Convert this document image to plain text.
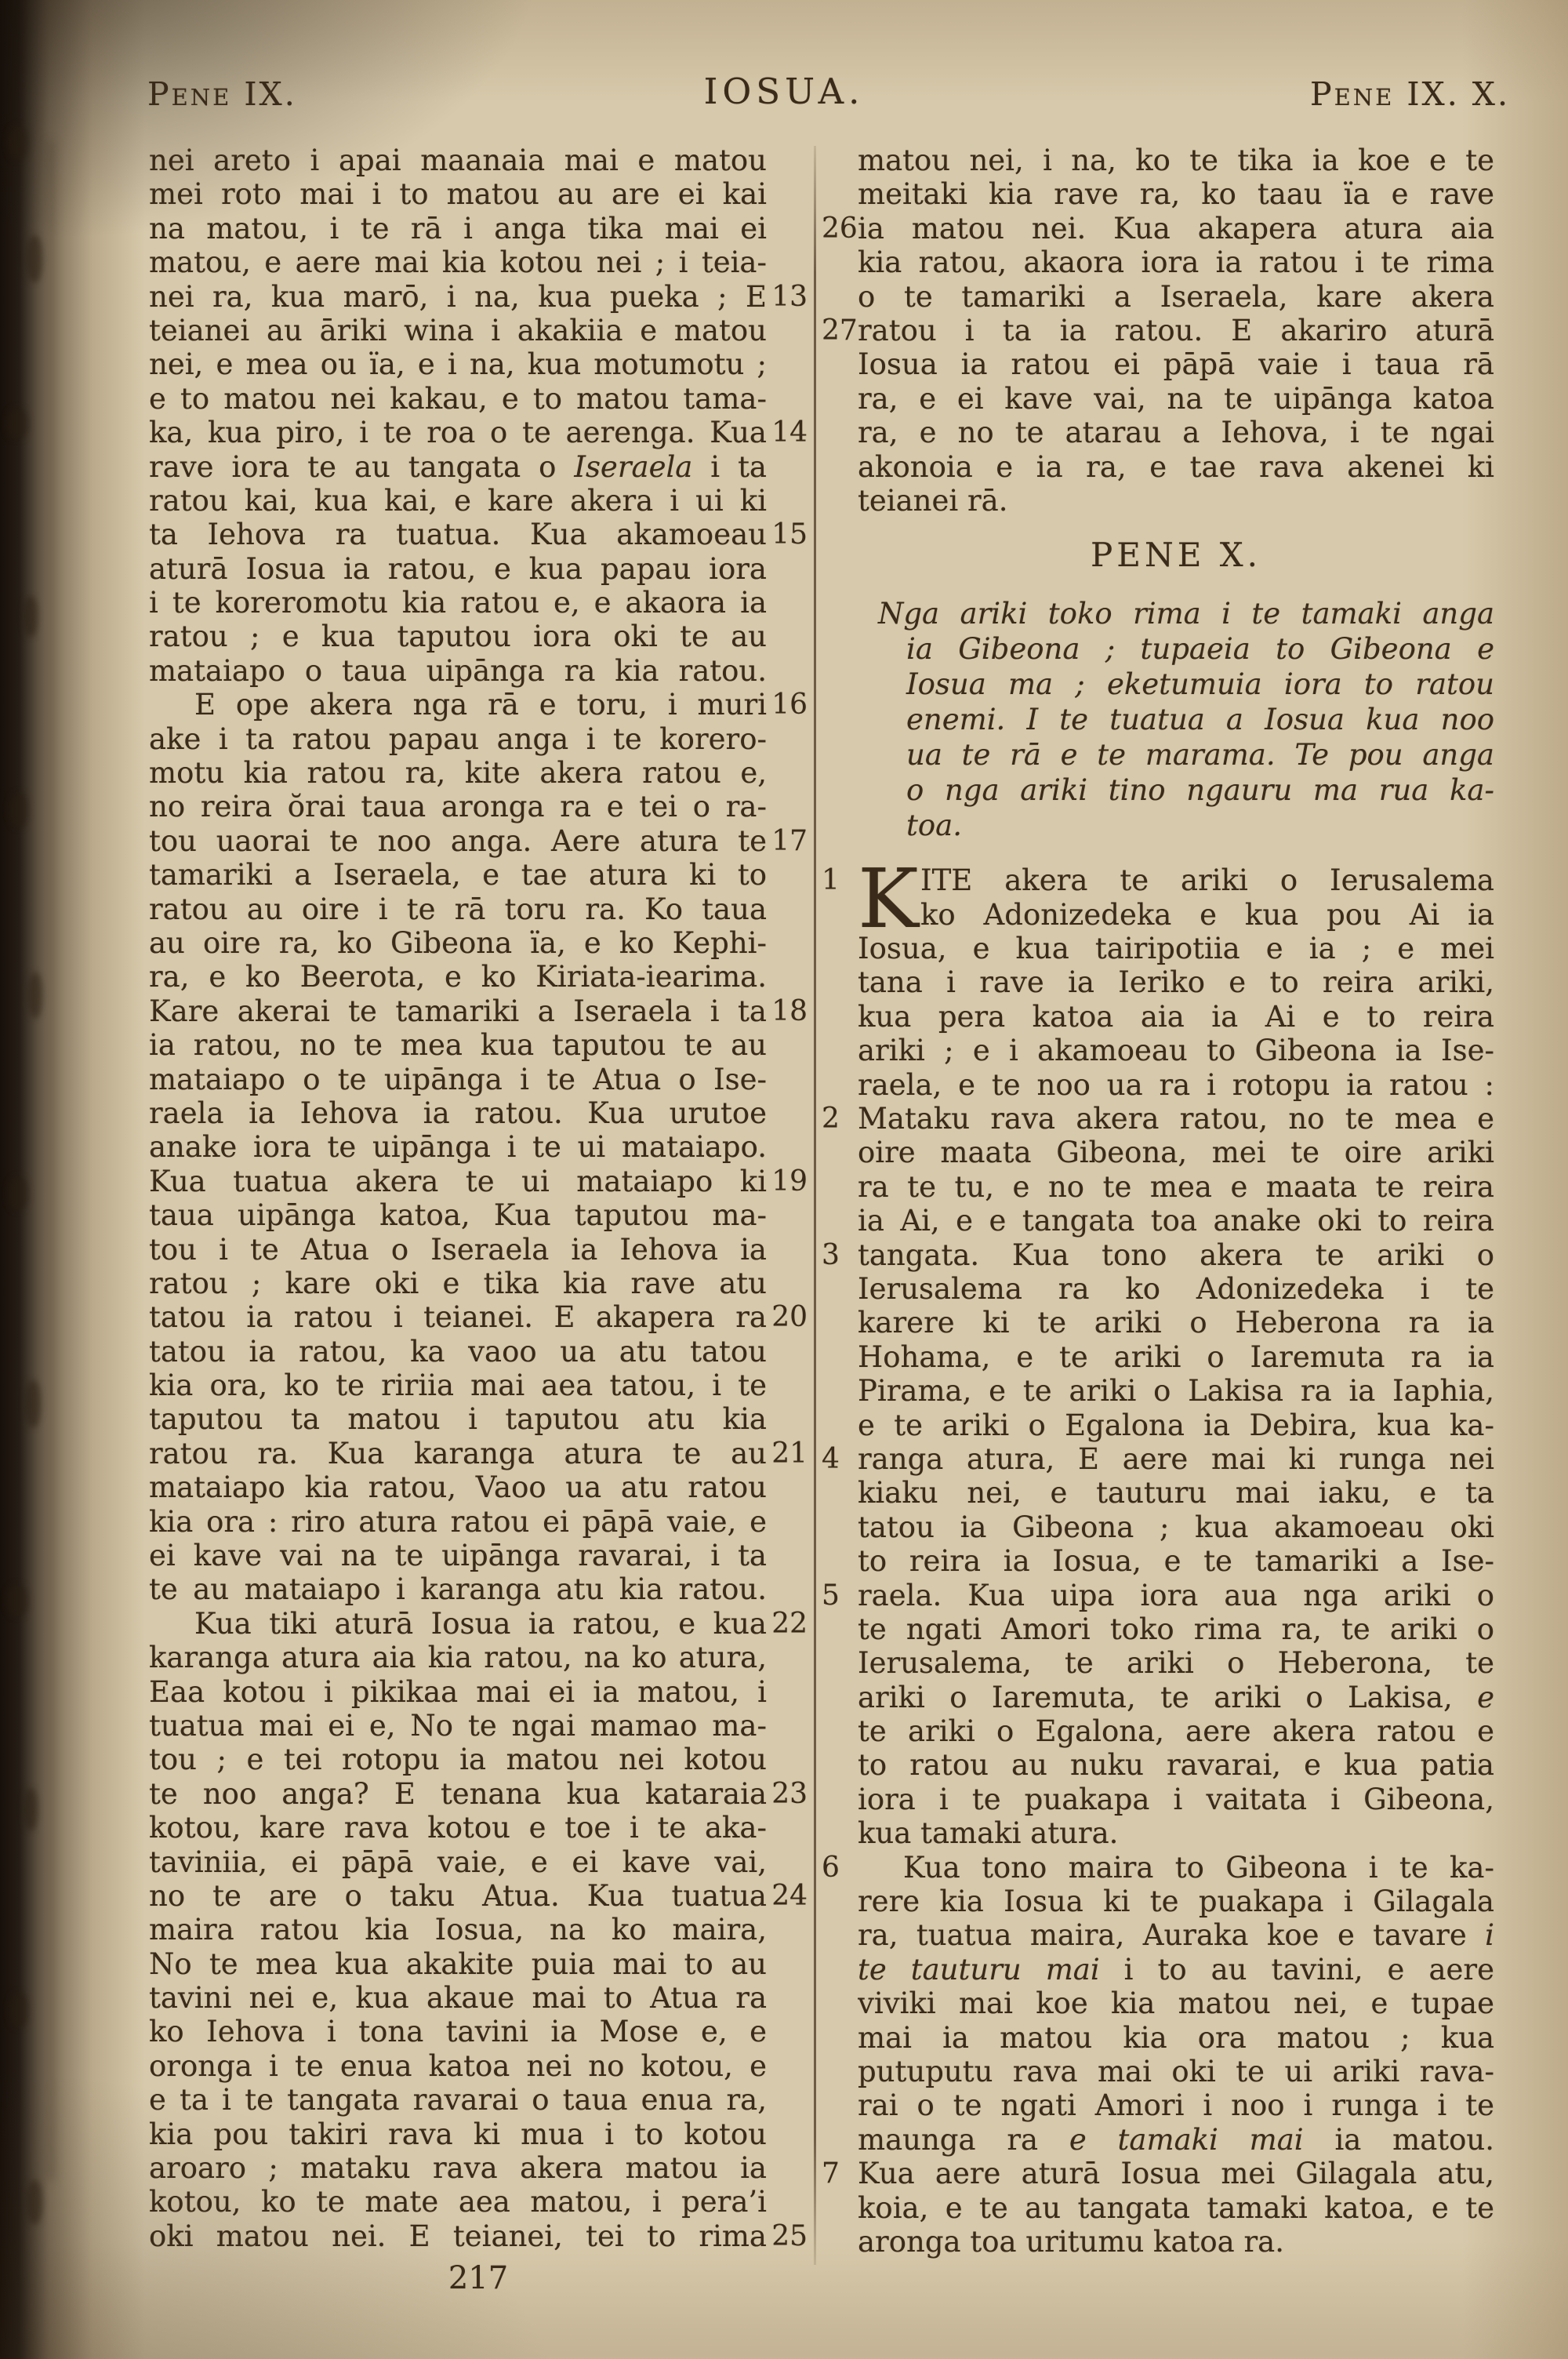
Pene IX.	IOSUA.	Pene IX. X.
nei areto i apai maanaia mai e matou
mei roto mai i to matou au are ei kai
na matou, i te rā i anga tika mai ei
matou, e aere mai kia kotou nei ; i teia-
nei ra, kua marō, i na, kua pueka ; E 13
teianei au āriki wina i akakiia e matou
nei, e mea ou ïa, e i na, kua motumotu ;
e to matou nei kakau, e to matou tama-
ka, kua piro, i te roa o te aerenga. Kua 14
rave iora te au tangata o Iseraela i ta
ratou kai, kua kai, e kare akera i ui ki
ta Iehova ra tuatua. Kua akamoeau 15
aturā Iosua ia ratou, e kua papau iora
i te koreromotu kia ratou e, e akaora ia
ratou ; e kua taputou iora oki te au
mataiapo o taua uipānga ra kia ratou.
E ope akera nga rā e toru, i muri 16
ake i ta ratou papau anga i te korero-
motu kia ratou ra, kite akera ratou e,
no reira ŏrai taua aronga ra e tei o ra-
tou uaorai te noo anga. Aere atura te 17
tamariki a Iseraela, e tae atura ki to
ratou au oire i te rā toru ra. Ko taua
au oire ra, ko Gibeona ïa, e ko Kephi-
ra, e ko Beerota, e ko Kiriata-iearima.
Kare akerai te tamariki a Iseraela i ta 18
ia ratou, no te mea kua taputou te au
mataiapo o te uipānga i te Atua o Ise-
raela ia Iehova ia ratou. Kua urutoe
anake iora te uipānga i te ui mataiapo.
Kua tuatua akera te ui mataiapo ki 19
taua uipānga katoa, Kua taputou ma-
tou i te Atua o Iseraela ia Iehova ia
ratou ; kare oki e tika kia rave atu
tatou ia ratou i teianei. E akapera ra 20
tatou ia ratou, ka vaoo ua atu tatou
kia ora, ko te ririia mai aea tatou, i te
taputou ta matou i taputou atu kia
ratou ra. Kua karanga atura te au 21
mataiapo kia ratou, Vaoo ua atu ratou
kia ora : riro atura ratou ei pāpā vaie, e
ei kave vai na te uipānga ravarai, i ta
te au mataiapo i karanga atu kia ratou.
Kua tiki aturā Iosua ia ratou, e kua 22
karanga atura aia kia ratou, na ko atura,
Eaa kotou i pikikaa mai ei ia matou, i
tuatua mai ei e, No te ngai mamao ma-
tou ; e tei rotopu ia matou nei kotou
te noo anga? E tenana kua kataraia 23
kotou, kare rava kotou e toe i te aka-
taviniia, ei pāpā vaie, e ei kave vai,
no te are o taku Atua. Kua tuatua 24
maira ratou kia Iosua, na ko maira,
No te mea kua akakite puia mai to au
tavini nei e, kua akaue mai to Atua ra
ko Iehova i tona tavini ia Mose e, e
oronga i te enua katoa nei no kotou, e
e ta i te tangata ravarai o taua enua ra,
kia pou takiri rava ki mua i to kotou
aroaro ; mataku rava akera matou ia
kotou, ko te mate aea matou, i pera’i
oki matou nei. E teianei, tei to rima 25
matou nei, i na, ko te tika ia koe e te
meitaki kia rave ra, ko taau ïa e rave
26 ia matou nei. Kua akapera atura aia
kia ratou, akaora iora ia ratou i te rima
o te tamariki a Iseraela, kare akera
27 ratou i ta ia ratou. E akariro aturā
Iosua ia ratou ei pāpā vaie i taua rā
ra, e ei kave vai, na te uipānga katoa
ra, e no te atarau a Iehova, i te ngai
akonoia e ia ra, e tae rava akenei ki
teianei rā.
PENE X.
Nga ariki toko rima i te tamaki anga
ia Gibeona ; tupaeia to Gibeona e
Iosua ma ; eketumuia iora to ratou
enemi. I te tuatua a Iosua kua noo
ua te rā e te marama. Te pou anga
o nga ariki tino ngauru ma rua ka-
toa.
K
1	ITE akera te ariki o Ierusalema
ko Adonizedeka e kua pou Ai ia
Iosua, e kua tairipotiia e ia ; e mei
tana i rave ia Ieriko e to reira ariki,
kua pera katoa aia ia Ai e to reira
ariki ; e i akamoeau to Gibeona ia Ise-
raela, e te noo ua ra i rotopu ia ratou :
2 Mataku rava akera ratou, no te mea e
oire maata Gibeona, mei te oire ariki
ra te tu, e no te mea e maata te reira
ia Ai, e e tangata toa anake oki to reira
3 tangata. Kua tono akera te ariki o
Ierusalema ra ko Adonizedeka i te
karere ki te ariki o Heberona ra ia
Hohama, e te ariki o Iaremuta ra ia
Pirama, e te ariki o Lakisa ra ia Iaphia,
e te ariki o Egalona ia Debira, kua ka-
4 ranga atura, E aere mai ki runga nei
kiaku nei, e tauturu mai iaku, e ta
tatou ia Gibeona ; kua akamoeau oki
to reira ia Iosua, e te tamariki a Ise-
5 raela. Kua uipa iora aua nga ariki o
te ngati Amori toko rima ra, te ariki o
Ierusalema, te ariki o Heberona, te
ariki o Iaremuta, te ariki o Lakisa, e
te ariki o Egalona, aere akera ratou e
to ratou au nuku ravarai, e kua patia
iora i te puakapa i vaitata i Gibeona,
kua tamaki atura.
6	Kua tono maira to Gibeona i te ka-
rere kia Iosua ki te puakapa i Gilagala
ra, tuatua maira, Auraka koe e tavare i
te tauturu mai i to au tavini, e aere
viviki mai koe kia matou nei, e tupae
mai ia matou kia ora matou ; kua
putuputu rava mai oki te ui ariki rava-
rai o te ngati Amori i noo i runga i te
maunga ra e tamaki mai ia matou.
7 Kua aere aturā Iosua mei Gilagala atu,
koia, e te au tangata tamaki katoa, e te
aronga toa uritumu katoa ra.
217
